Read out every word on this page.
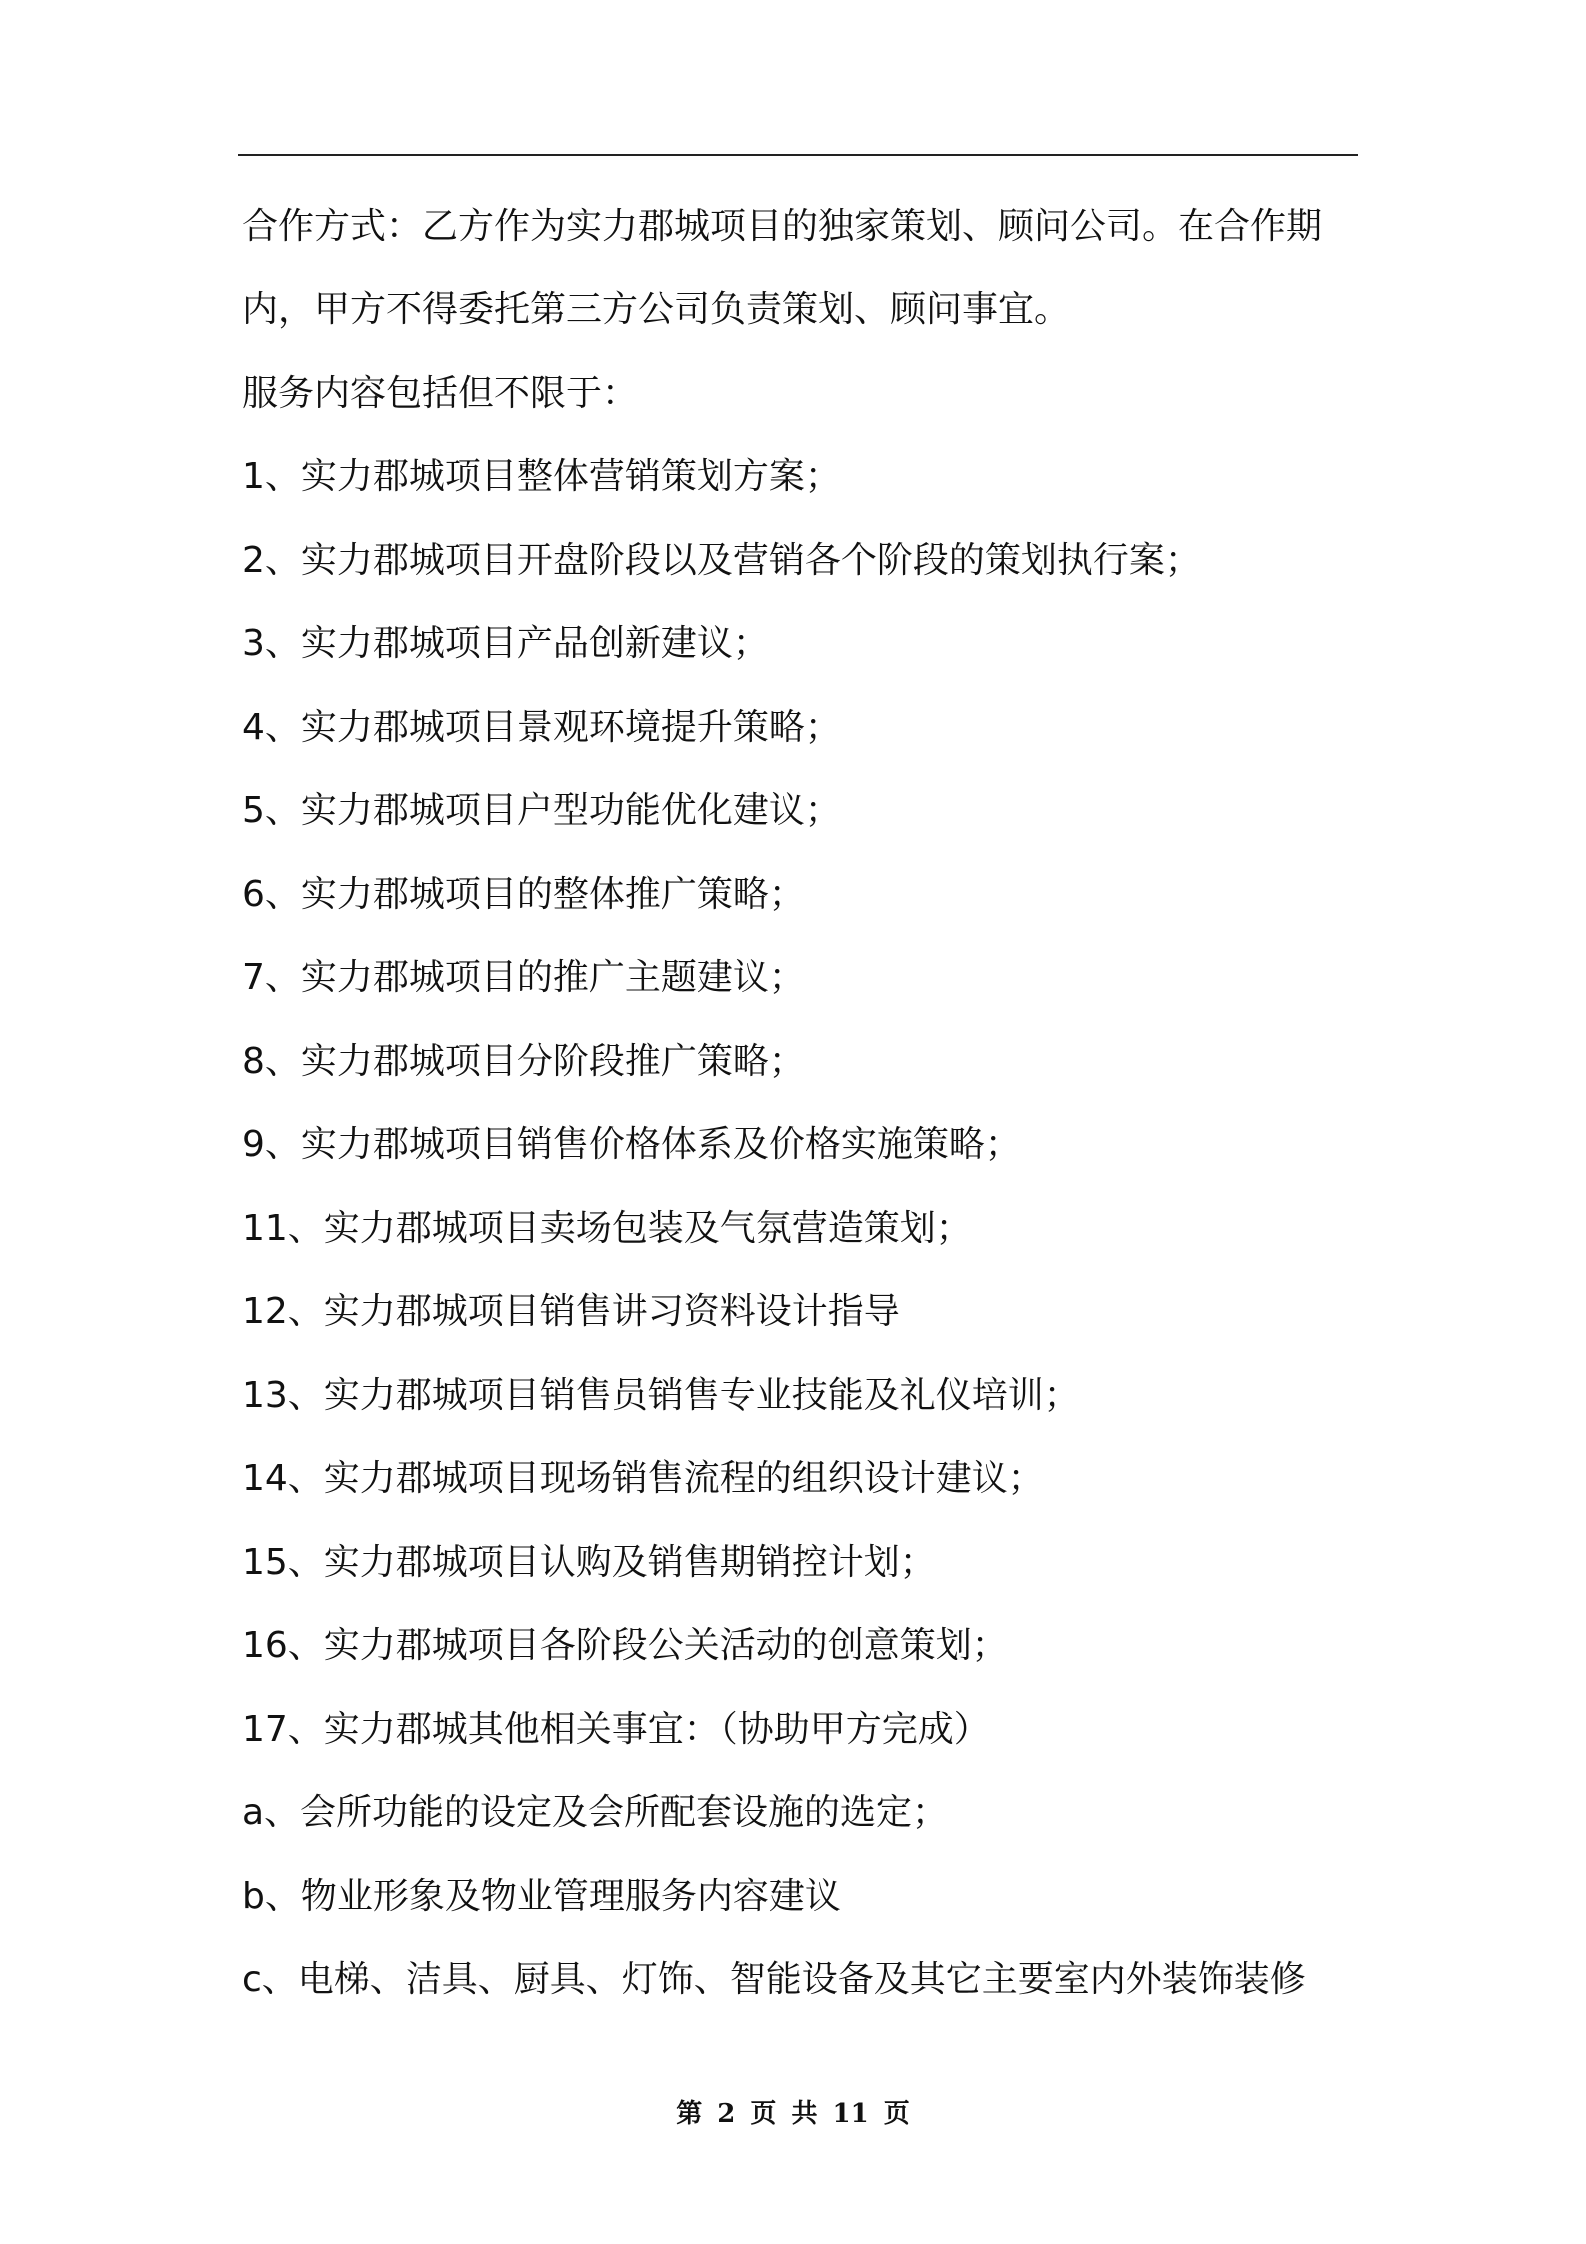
合作方式：乙方作为实力郡城项目的独家策划、顾问公司。在合作期
内，甲方不得委托第三方公司负责策划、顾问事宜。
服务内容包括但不限于：
1、实力郡城项目整体营销策划方案；
2、实力郡城项目开盘阶段以及营销各个阶段的策划执行案；
3、实力郡城项目产品创新建议；
4、实力郡城项目景观环境提升策略；
5、实力郡城项目户型功能优化建议；
6、实力郡城项目的整体推广策略；
7、实力郡城项目的推广主题建议；
8、实力郡城项目分阶段推广策略；
9、实力郡城项目销售价格体系及价格实施策略；
11、实力郡城项目卖场包装及气氛营造策划；
12、实力郡城项目销售讲习资料设计指导
13、实力郡城项目销售员销售专业技能及礼仪培训；
14、实力郡城项目现场销售流程的组织设计建议；
15、实力郡城项目认购及销售期销控计划；
16、实力郡城项目各阶段公关活动的创意策划；
17、实力郡城其他相关事宜：（协助甲方完成）
a、会所功能的设定及会所配套设施的选定；
b、物业形象及物业管理服务内容建议
c、电梯、洁具、厨具、灯饰、智能设备及其它主要室内外装饰装修
第 2 页 共 11 页
